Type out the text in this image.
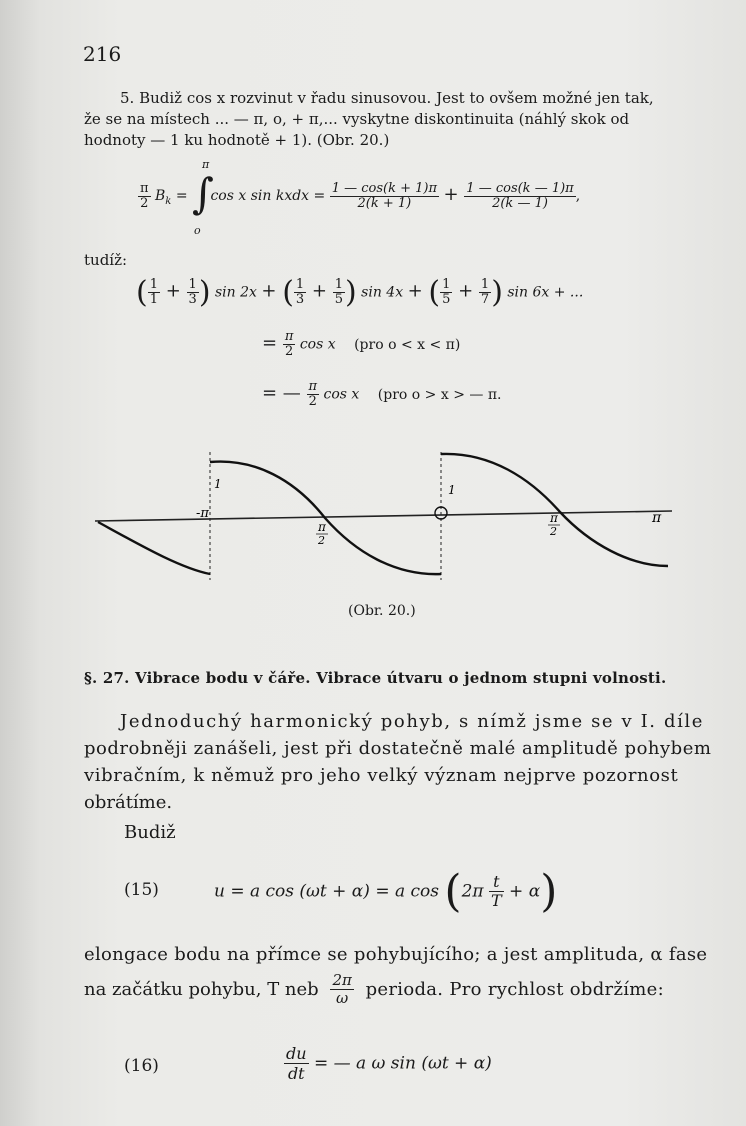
216
5. Budiž cos x rozvinut v řadu sinusovou. Jest to ovšem možné jen tak,
že se na místech ... — π, o, + π,... vyskytne diskontinuita (náhlý skok od
hodnoty — 1 ku hodnotě + 1). (Obr. 20.)
$\frac{\pi}{2} B_k$ = ∫
π
o
cos x sin kxdx = $\frac{1 — \cos(k + 1)\pi}{2(k + 1)} + \frac{1 — \cos(k — 1)\pi}{2(k — 1)}$ ,
tudíž:
( $\frac{1}{1} + \frac{1}{3}$ ) sin 2x + ( $\frac{1}{3} + \frac{1}{5}$ ) sin 4x + ( $\frac{1}{5} + \frac{1}{7}$ ) sin 6x + ...
= $\frac{\pi}{2}$ cos x (pro o < x < π)
= — $\frac{\pi}{2}$ cos x (pro o > x > — π.
1
-π
π
2
1
π
2
π
(Obr. 20.)
§. 27. Vibrace bodu v čáře. Vibrace útvaru o jednom stupni volnosti.
Jednoduchý harmonický pohyb, s nímž jsme se v I. díle
podrobněji zanášeli, jest při dostatečně malé amplitudě pohybem
vibračním, k němuž pro jeho velký význam nejprve pozornost
obrátíme.
Budiž
(15)	u = a cos (ωt + α) = a $\cos (2\pi \frac{t}{T} + \alpha)$
elongace bodu na přímce se pohybujícího; a jest amplituda, α fase
na začátku pohybu, T neb $\frac{2\pi}{\omega}$ perioda. Pro rychlost obdržíme:
(16)	$\frac{du}{dt}$ = — a ω sin (ωt + α)
